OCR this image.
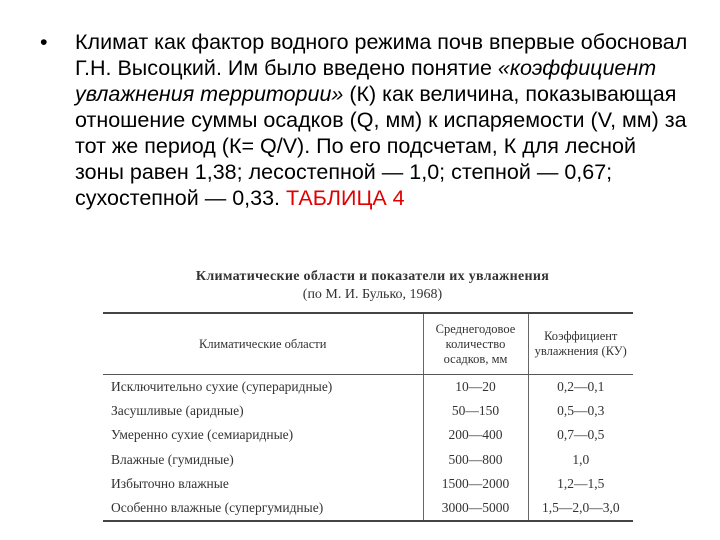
• Климат как фактор водного режима почв впервые обосновал Г.Н. Высоцкий. Им было введено понятие «коэффициент увлажнения территории» (К) как величина, показывающая отношение суммы осадков (Q, мм) к испаряемости (V, мм) за тот же период (К= Q/V). По его подсчетам, К для лесной зоны равен 1,38; лесостепной — 1,0; степной — 0,67; сухостепной — 0,33. ТАБЛИЦА 4
Климатические области и показатели их увлажнения
(по М. И. Булько, 1968)
Климатические области	Среднегодовое количество осадков, мм	Коэффициент увлажнения (КУ)
Исключительно сухие (супераридные)	10—20	0,2—0,1
Засушливые (аридные)	50—150	0,5—0,3
Умеренно сухие (семиаридные)	200—400	0,7—0,5
Влажные (гумидные)	500—800	1,0
Избыточно влажные	1500—2000	1,2—1,5
Особенно влажные (супергумидные)	3000—5000	1,5—2,0—3,0
